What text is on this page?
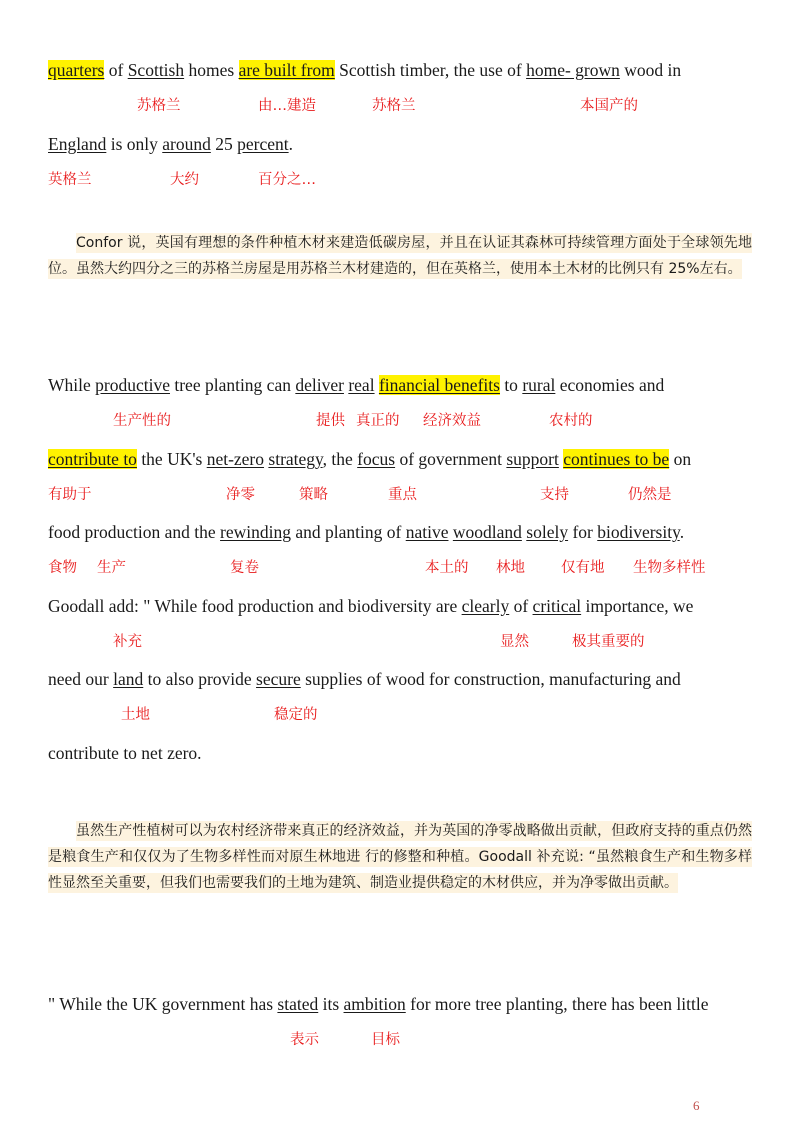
quarters of Scottish homes are built from Scottish timber, the use of home- grown wood in
苏格兰	由…建造	苏格兰	本国产的
England is only around 25 percent.
英格兰	大约	百分之…

Confor 说，英国有理想的条件种植木材来建造低碳房屋，并且在认证其森林可持续管理方面处于全球领先地位。虽然大约四分之三的苏格兰房屋是用苏格兰木材建造的，但在英格兰，使用本土木材的比例只有 25%左右。

While productive tree planting can deliver real financial benefits to rural economies and
生产性的	提供 真正的 经济效益	农村的
contribute to the UK's net-zero strategy, the focus of government support continues to be on
有助于	净零	策略	重点	支持	仍然是
food production and the rewinding and planting of native woodland solely for biodiversity.
食物 生产	复卷	本土的 林地 仅有地 生物多样性
Goodall add: " While food production and biodiversity are clearly of critical importance, we
补充	显然	极其重要的
need our land to also provide secure supplies of wood for construction, manufacturing and
土地	稳定的
contribute to net zero.

虽然生产性植树可以为农村经济带来真正的经济效益，并为英国的净零战略做出贡献，但政府支持的重点仍然是粮食生产和仅仅为了生物多样性而对原生林地进 行的修整和种植。Goodall 补充说: “虽然粮食生产和生物多样性显然至关重要，但我们也需要我们的土地为建筑、制造业提供稳定的木材供应，并为净零做出贡献。

" While the UK government has stated its ambition for more tree planting, there has been little
表示	目标
6
